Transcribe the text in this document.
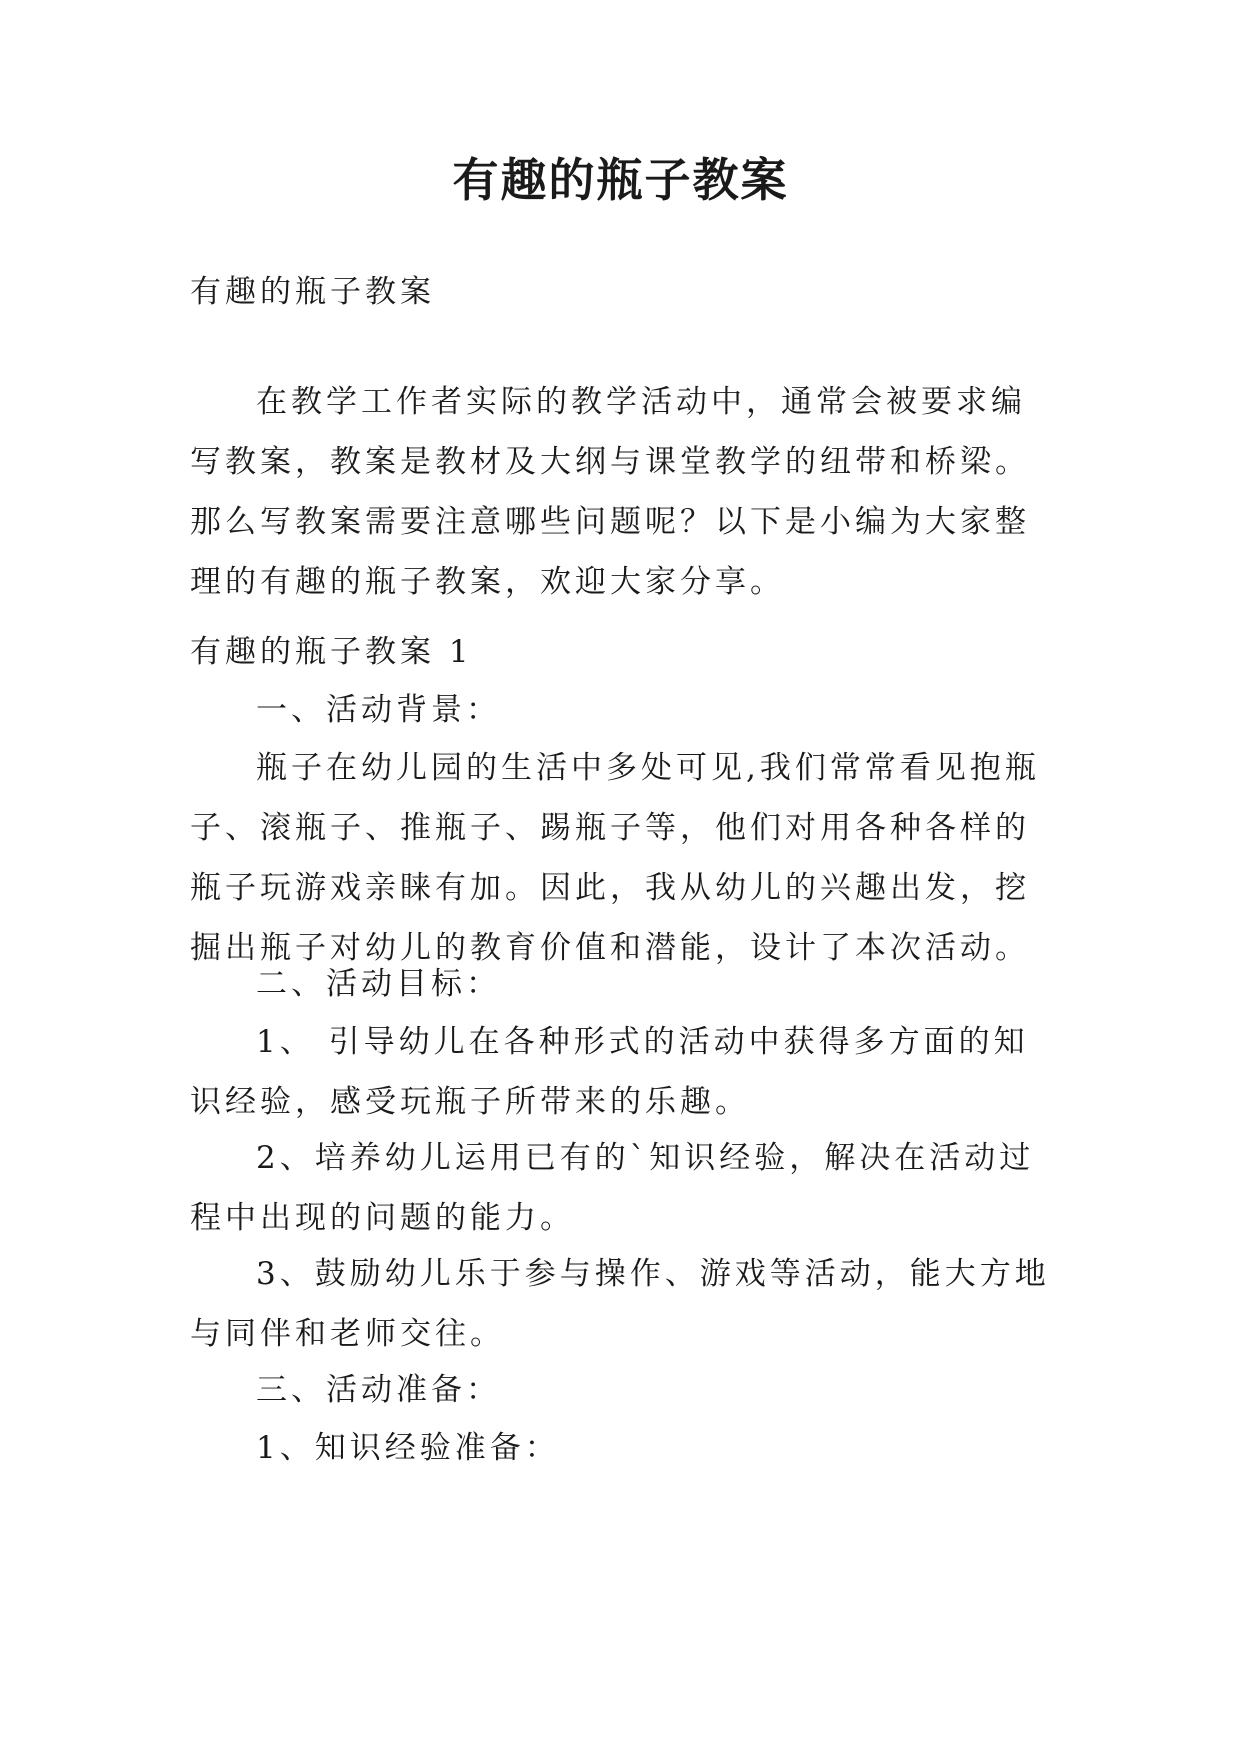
有趣的瓶子教案

有趣的瓶子教案

在教学工作者实际的教学活动中，通常会被要求编写教案，教案是教材及大纲与课堂教学的纽带和桥梁。那么写教案需要注意哪些问题呢？以下是小编为大家整理的有趣的瓶子教案，欢迎大家分享。

有趣的瓶子教案 1

一、活动背景：

瓶子在幼儿园的生活中多处可见,我们常常看见抱瓶子、滚瓶子、推瓶子、踢瓶子等，他们对用各种各样的瓶子玩游戏亲睐有加。因此，我从幼儿的兴趣出发，挖掘出瓶子对幼儿的教育价值和潜能，设计了本次活动。

二、活动目标：

1、 引导幼儿在各种形式的活动中获得多方面的知识经验，感受玩瓶子所带来的乐趣。

2、培养幼儿运用已有的`知识经验，解决在活动过程中出现的问题的能力。

3、鼓励幼儿乐于参与操作、游戏等活动，能大方地与同伴和老师交往。

三、活动准备：

1、知识经验准备：
